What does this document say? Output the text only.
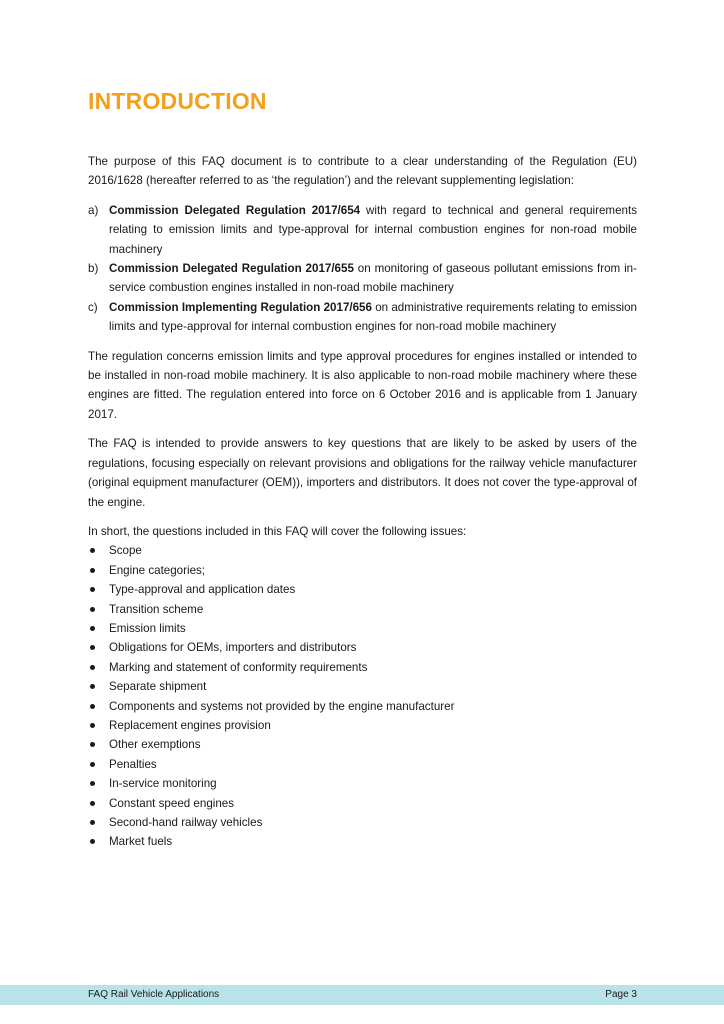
INTRODUCTION

The purpose of this FAQ document is to contribute to a clear understanding of the Regulation (EU) 2016/1628 (hereafter referred to as ‘the regulation’) and the relevant supplementing legislation:

a) Commission Delegated Regulation 2017/654 with regard to technical and general requirements relating to emission limits and type-approval for internal combustion engines for non-road mobile machinery
b) Commission Delegated Regulation 2017/655 on monitoring of gaseous pollutant emissions from in-service combustion engines installed in non-road mobile machinery
c) Commission Implementing Regulation 2017/656 on administrative requirements relating to emission limits and type-approval for internal combustion engines for non-road mobile machinery

The regulation concerns emission limits and type approval procedures for engines installed or intended to be installed in non-road mobile machinery. It is also applicable to non-road mobile machinery where these engines are fitted. The regulation entered into force on 6 October 2016 and is applicable from 1 January 2017.

The FAQ is intended to provide answers to key questions that are likely to be asked by users of the regulations, focusing especially on relevant provisions and obligations for the railway vehicle manufacturer (original equipment manufacturer (OEM)), importers and distributors. It does not cover the type-approval of the engine.

In short, the questions included in this FAQ will cover the following issues:

Scope
Engine categories;
Type-approval and application dates
Transition scheme
Emission limits
Obligations for OEMs, importers and distributors
Marking and statement of conformity requirements
Separate shipment
Components and systems not provided by the engine manufacturer
Replacement engines provision
Other exemptions
Penalties
In-service monitoring
Constant speed engines
Second-hand railway vehicles
Market fuels
FAQ Rail Vehicle Applications	Page 3
